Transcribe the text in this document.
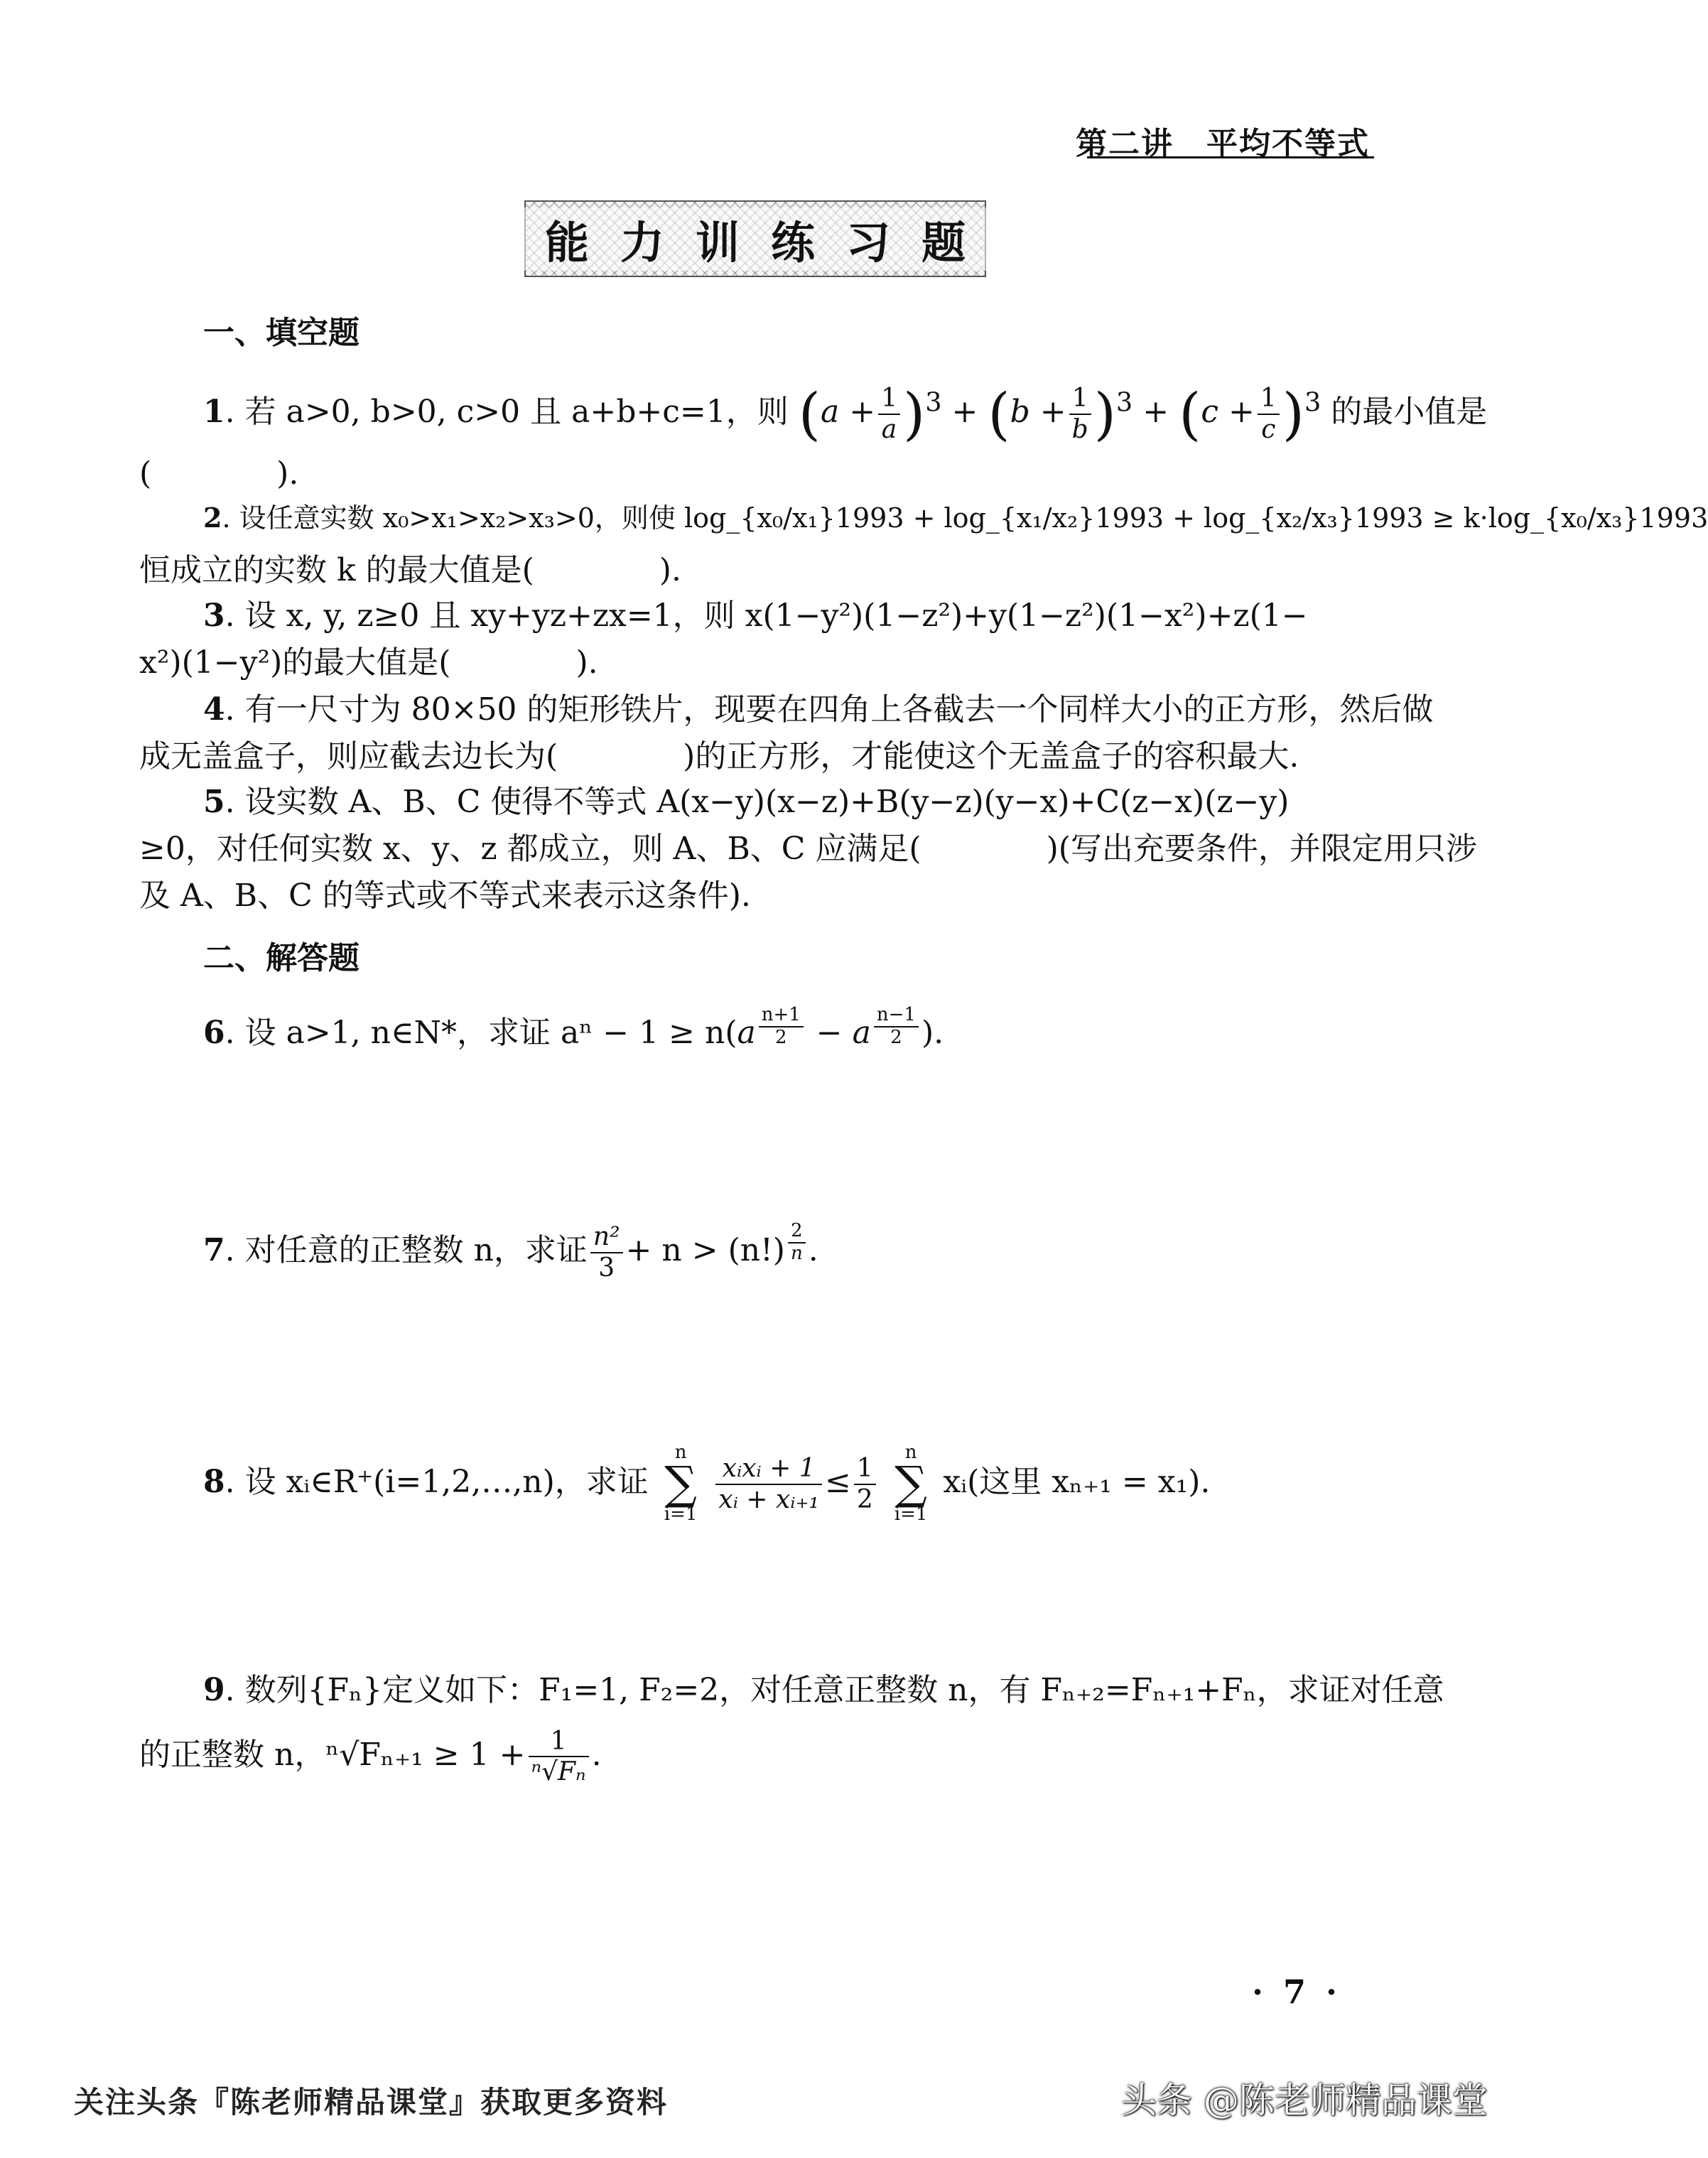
第二讲　平均不等式
能力训练习题
一、填空题
1. 若 a>0, b>0, c>0 且 a+b+c=1，则 $(a + \frac{1}{a} )^3 + (b + \frac{1}{b} )^3 + (c + \frac{1}{c} )^3$ 的最小值是
(　　　　).
2. 设任意实数 x₀>x₁>x₂>x₃>0，则使 log_{x₀/x₁}1993 + log_{x₁/x₂}1993 + log_{x₂/x₃}1993 ≥ k·log_{x₀/x₃}1993
恒成立的实数 k 的最大值是(　　　　).
3. 设 x, y, z≥0 且 xy+yz+zx=1，则 x(1−y²)(1−z²)+y(1−z²)(1−x²)+z(1−
x²)(1−y²)的最大值是(　　　　).
4. 有一尺寸为 80×50 的矩形铁片，现要在四角上各截去一个同样大小的正方形，然后做
成无盖盒子，则应截去边长为(　　　　)的正方形，才能使这个无盖盒子的容积最大.
5. 设实数 A、B、C 使得不等式 A(x−y)(x−z)+B(y−z)(y−x)+C(z−x)(z−y)
≥0，对任何实数 x、y、z 都成立，则 A、B、C 应满足(　　　　)(写出充要条件，并限定用只涉
及 A、B、C 的等式或不等式来表示这条件).
二、解答题
6. 设 a>1, n∈N*，求证 aⁿ − 1 ≥ n(a $^{\frac{n+1}{2}}$ − a $^{\frac{n-1}{2}}$ ).
7. 对任意的正整数 n，求证 $\frac{\text{n²}}{3} + n > (n!)$ $^{\frac{2}{n}}$ .
8. 设 xᵢ∈R⁺(i=1,2,…,n)，求证
n
∑
i=1

$\frac{\text{xᵢxᵢ + 1}}{\text{xᵢ + xᵢ₊₁}} \le \frac{1}{2}$

n
∑
i=1
xᵢ(这里 xₙ₊₁ = x₁).
9. 数列{Fₙ}定义如下：F₁=1, F₂=2，对任意正整数 n，有 Fₙ₊₂=Fₙ₊₁+Fₙ，求证对任意
的正整数 n，$^n√F_{n+1} \ge 1 + \frac{1}{\text{ⁿ√Fₙ}}$ .
· 7 ·
关注头条『陈老师精品课堂』获取更多资料	头条 @陈老师精品课堂
